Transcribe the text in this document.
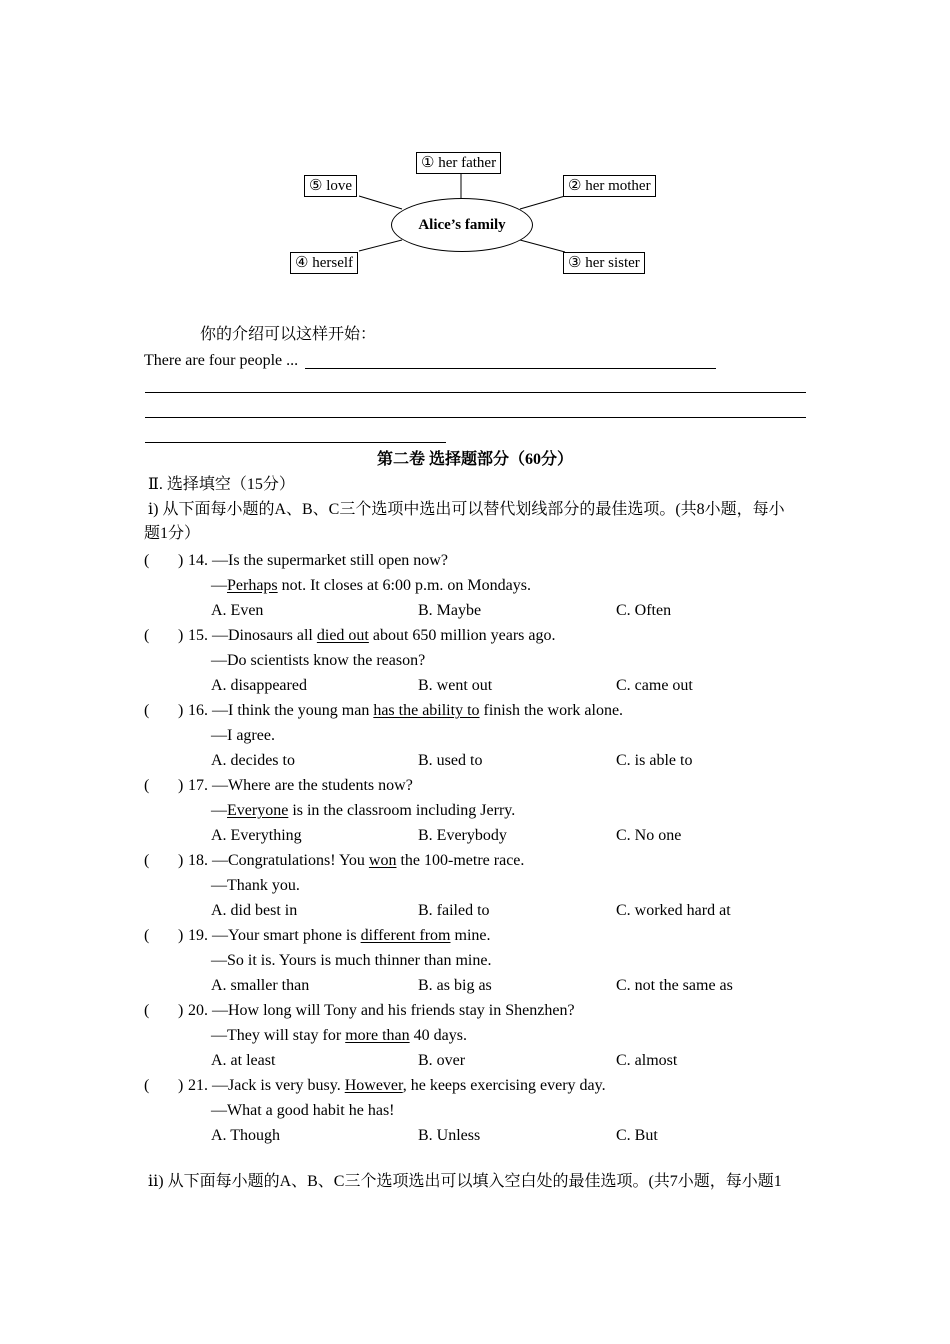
① her father
② her mother
③ her sister
④ herself
⑤ love
Alice’s family
你的介绍可以这样开始：
There are four people ...
第二卷 选择题部分（60分）
Ⅱ. 选择填空（15分）
ⅰ) 从下面每小题的A、B、C三个选项中选出可以替代划线部分的最佳选项。(共8小题，每小
题1分）
( ) 14. —Is the supermarket still open now?
—Perhaps not. It closes at 6:00 p.m. on Mondays.
A. Even	B. Maybe	C. Often
( ) 15. —Dinosaurs all died out about 650 million years ago.
—Do scientists know the reason?
A. disappeared	B. went out	C. came out
( ) 16. —I think the young man has the ability to finish the work alone.
—I agree.
A. decides to	B. used to	C. is able to
( ) 17. —Where are the students now?
—Everyone is in the classroom including Jerry.
A. Everything	B. Everybody	C. No one
( ) 18. —Congratulations! You won the 100-metre race.
—Thank you.
A. did best in	B. failed to	C. worked hard at
( ) 19. —Your smart phone is different from mine.
—So it is. Yours is much thinner than mine.
A. smaller than	B. as big as	C. not the same as
( ) 20. —How long will Tony and his friends stay in Shenzhen?
—They will stay for more than 40 days.
A. at least	B. over	C. almost
( ) 21. —Jack is very busy. However, he keeps exercising every day.
—What a good habit he has!
A. Though	B. Unless	C. But
ⅱ) 从下面每小题的A、B、C三个选项选出可以填入空白处的最佳选项。(共7小题，每小题1
